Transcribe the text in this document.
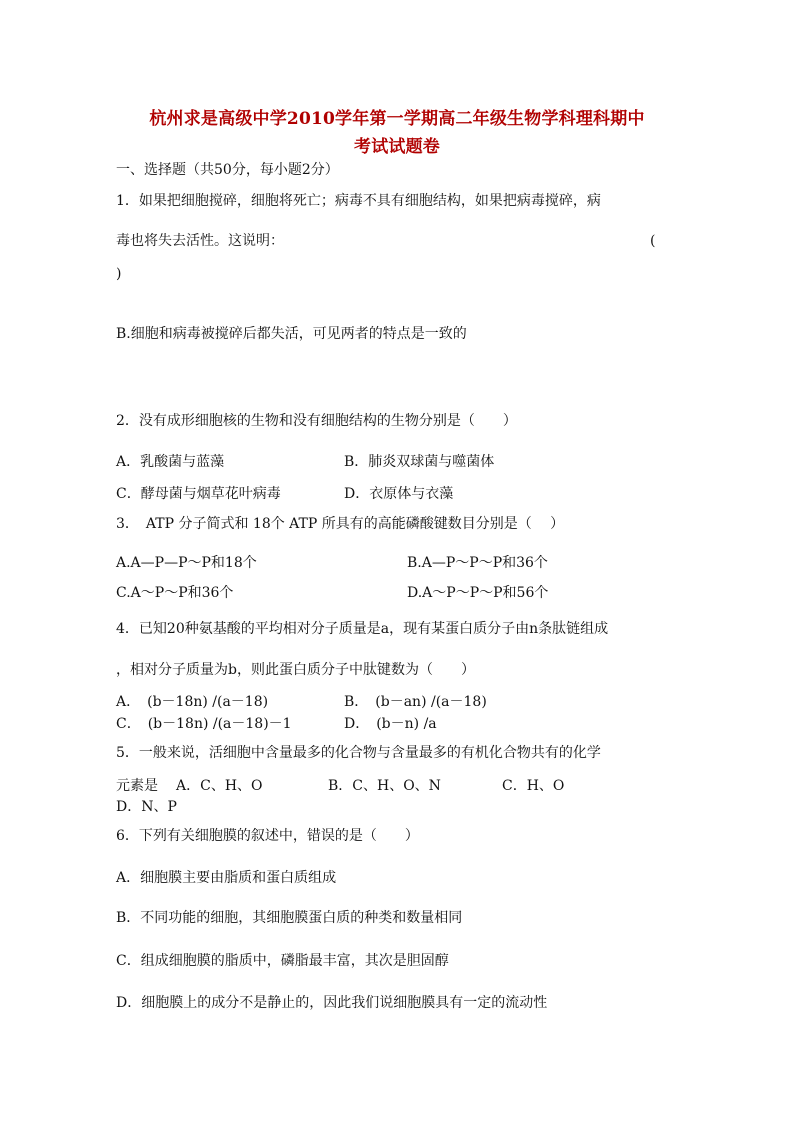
杭州求是高级中学2010学年第一学期高二年级生物学科理科期中
考试试题卷
一、选择题（共50分，每小题2分）
1．如果把细胞搅碎，细胞将死亡；病毒不具有细胞结构，如果把病毒搅碎，病
毒也将失去活性。这说明：	(
)
B.细胞和病毒被搅碎后都失活，可见两者的特点是一致的
2．没有成形细胞核的生物和没有细胞结构的生物分别是（　　）
A．乳酸菌与蓝藻	B．肺炎双球菌与噬菌体
C．酵母菌与烟草花叶病毒	D．衣原体与衣藻
3．　ATP 分子简式和 18个 ATP 所具有的高能磷酸键数目分别是（　 ）
A.A—P—P～P和18个	B.A—P～P～P和36个
C.A～P～P和36个	D.A～P～P～P和56个
4．已知20种氨基酸的平均相对分子质量是a，现有某蛋白质分子由n条肽链组成
，相对分子质量为b，则此蛋白质分子中肽键数为（　　）
A．　(b－18n) /(a－18)	B．　(b－an) /(a－18)
C．　(b－18n) /(a－18)－1	D．　(b－n) /a
5．一般来说，活细胞中含量最多的化合物与含量最多的有机化合物共有的化学
元素是 A．C、H、O	B．C、H、O、N	C．H、O
D．N、P
6．下列有关细胞膜的叙述中，错误的是（　　）
A．细胞膜主要由脂质和蛋白质组成
B．不同功能的细胞，其细胞膜蛋白质的种类和数量相同
C．组成细胞膜的脂质中，磷脂最丰富，其次是胆固醇
D．细胞膜上的成分不是静止的，因此我们说细胞膜具有一定的流动性
